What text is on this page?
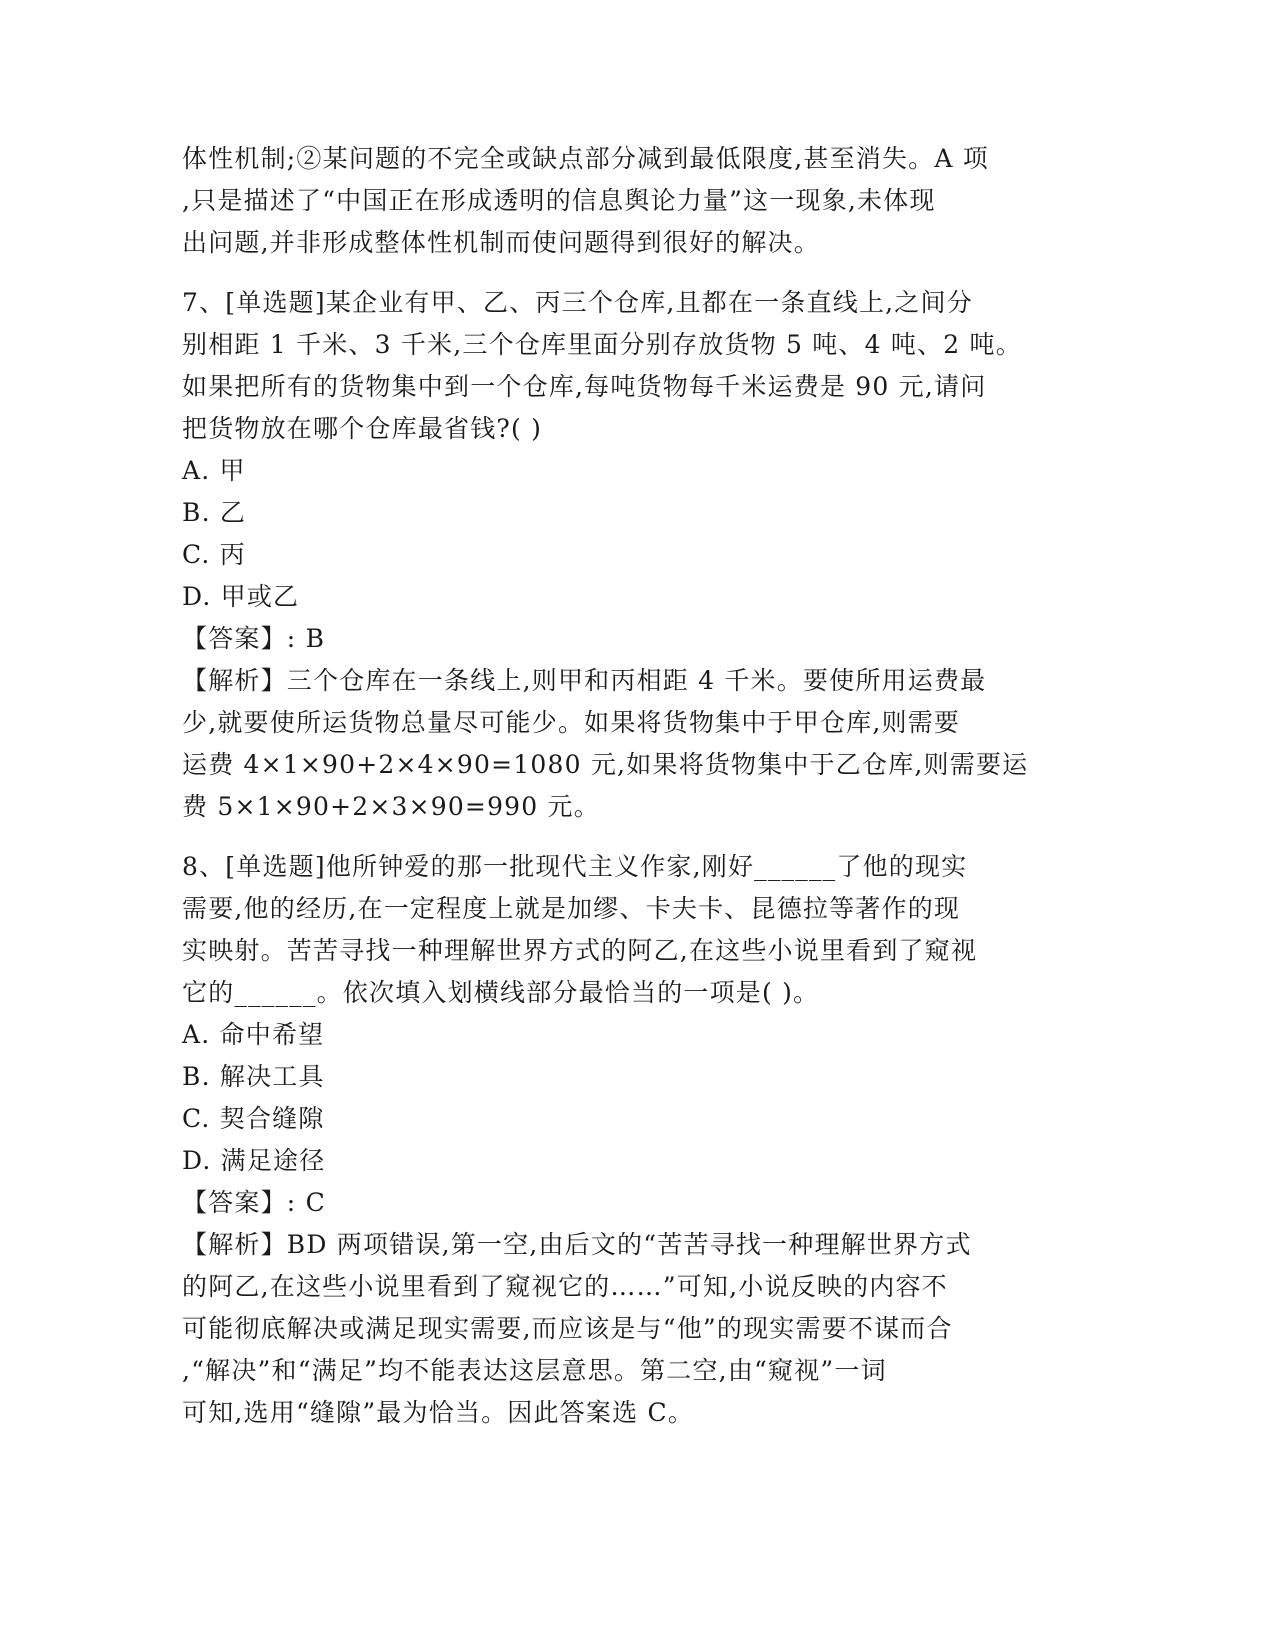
体性机制;②某问题的不完全或缺点部分减到最低限度,甚至消失。A 项
,只是描述了“中国正在形成透明的信息舆论力量”这一现象,未体现
出问题,并非形成整体性机制而使问题得到很好的解决。
7、[单选题]某企业有甲、乙、丙三个仓库,且都在一条直线上,之间分
别相距 1 千米、3 千米,三个仓库里面分别存放货物 5 吨、4 吨、2 吨。
如果把所有的货物集中到一个仓库,每吨货物每千米运费是 90 元,请问
把货物放在哪个仓库最省钱?( )
A. 甲
B. 乙
C. 丙
D. 甲或乙
【答案】: B
【解析】三个仓库在一条线上,则甲和丙相距 4 千米。要使所用运费最
少,就要使所运货物总量尽可能少。如果将货物集中于甲仓库,则需要
运费 4×1×90+2×4×90=1080 元,如果将货物集中于乙仓库,则需要运
费 5×1×90+2×3×90=990 元。
8、[单选题]他所钟爱的那一批现代主义作家,刚好______了他的现实
需要,他的经历,在一定程度上就是加缪、卡夫卡、昆德拉等著作的现
实映射。苦苦寻找一种理解世界方式的阿乙,在这些小说里看到了窥视
它的______。依次填入划横线部分最恰当的一项是( )。
A. 命中希望
B. 解决工具
C. 契合缝隙
D. 满足途径
【答案】: C
【解析】BD 两项错误,第一空,由后文的“苦苦寻找一种理解世界方式
的阿乙,在这些小说里看到了窥视它的……”可知,小说反映的内容不
可能彻底解决或满足现实需要,而应该是与“他”的现实需要不谋而合
,“解决”和“满足”均不能表达这层意思。第二空,由“窥视”一词
可知,选用“缝隙”最为恰当。因此答案选 C。
